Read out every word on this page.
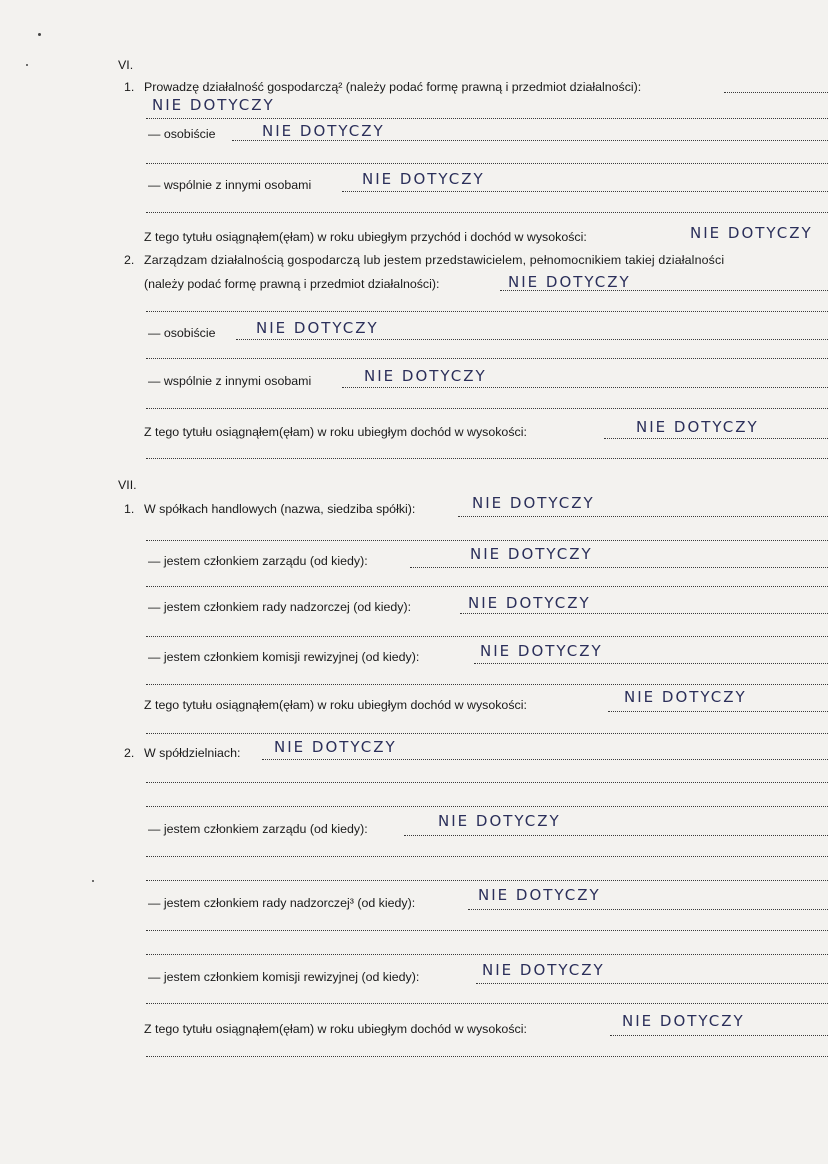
VI.
1. Prowadzę działalność gospodarczą² (należy podać formę prawną i przedmiot działalności):
NIE DOTYCZY
— osobiście	NIE DOTYCZY
— wspólnie z innymi osobami	NIE DOTYCZY
Z tego tytułu osiągnąłem(ęłam) w roku ubiegłym przychód i dochód w wysokości:	NIE DOTYCZY
2. Zarządzam działalnością gospodarczą lub jestem przedstawicielem, pełnomocnikiem takiej działalności
(należy podać formę prawną i przedmiot działalności):	NIE DOTYCZY
— osobiście	NIE DOTYCZY
— wspólnie z innymi osobami	NIE DOTYCZY
Z tego tytułu osiągnąłem(ęłam) w roku ubiegłym dochód w wysokości:	NIE DOTYCZY
VII.
1. W spółkach handlowych (nazwa, siedziba spółki):	NIE DOTYCZY
— jestem członkiem zarządu (od kiedy):	NIE DOTYCZY
— jestem członkiem rady nadzorczej (od kiedy):	NIE DOTYCZY
— jestem członkiem komisji rewizyjnej (od kiedy):	NIE DOTYCZY
Z tego tytułu osiągnąłem(ęłam) w roku ubiegłym dochód w wysokości:	NIE DOTYCZY
2. W spółdzielniach: NIE DOTYCZY
— jestem członkiem zarządu (od kiedy):	NIE DOTYCZY
— jestem członkiem rady nadzorczej³ (od kiedy):	NIE DOTYCZY
— jestem członkiem komisji rewizyjnej (od kiedy):	NIE DOTYCZY
Z tego tytułu osiągnąłem(ęłam) w roku ubiegłym dochód w wysokości:	NIE DOTYCZY
